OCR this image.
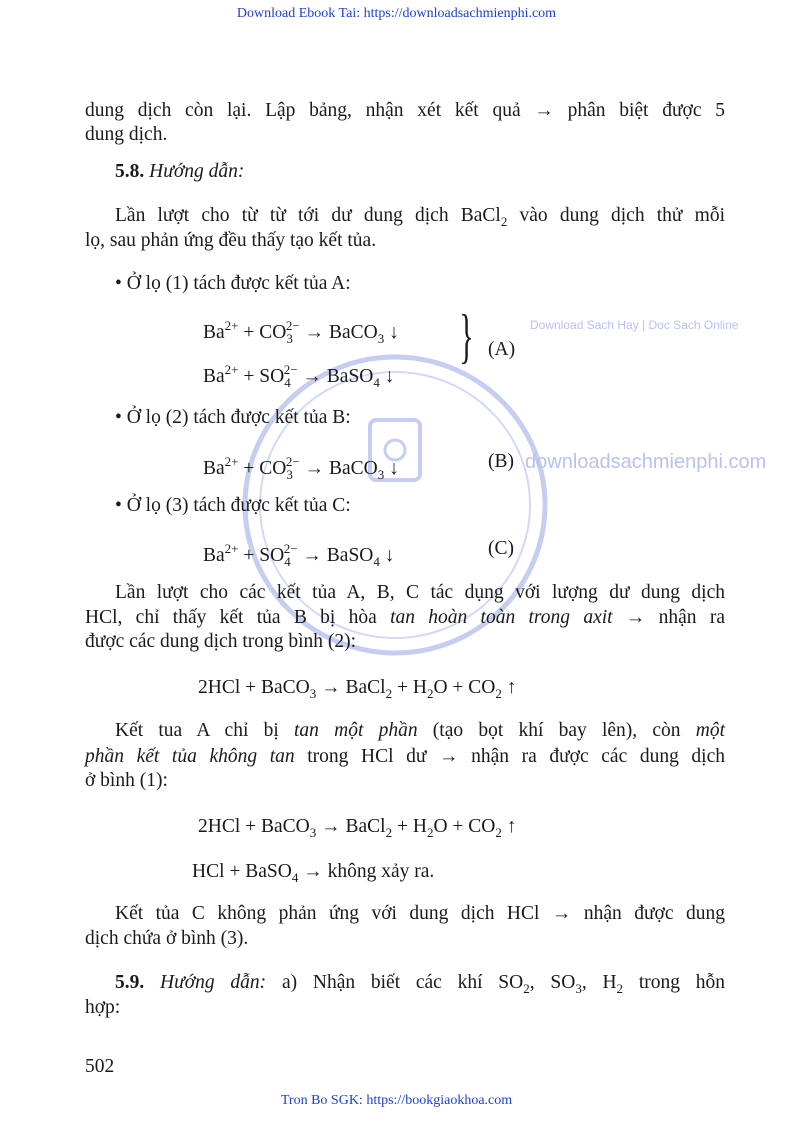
Download Ebook Tai: https://downloadsachmienphi.com
downloadsachmienphi.com
Download Sach Hay | Doc Sach Online
dung dịch còn lại. Lập bảng, nhận xét kết quả → phân biệt được 5
dung dịch.
5.8. Hướng dẫn:
Lần lượt cho từ từ tới dư dung dịch BaCl$_2$ vào dung dịch thử mỗi
lọ, sau phản ứng đều thấy tạo kết tủa.
• Ở lọ (1) tách được kết tủa A:
$Ba^{2+} + CO_3^{2-}$ → BaCO$_3$ ↓
$Ba^{2+} + SO_4^{2-}$ → BaSO$_4$ ↓
• Ở lọ (2) tách được kết tủa B:
$Ba^{2+} + CO_3^{2-}$ → BaCO$_3$ ↓
• Ở lọ (3) tách được kết tủa C:
$Ba^{2+} + SO_4^{2-}$ → BaSO$_4$ ↓
Lần lượt cho các kết tủa A, B, C tác dụng với lượng dư dung dịch
HCl, chỉ thấy kết tủa B bị hòa tan hoàn toàn trong axit → nhận ra
được các dung dịch trong bình (2):
2HCl + BaCO$_3$ → BaCl$_2$ + $H_2O + CO_2$ ↑
Kết tua A chỉ bị tan một phần (tạo bọt khí bay lên), còn một
phần kết tủa không tan trong HCl dư → nhận ra được các dung dịch
ở bình (1):
2HCl + BaCO$_3$ → BaCl$_2$ + $H_2O + CO_2$ ↑
HCl + BaSO$_4$ → không xảy ra.
Kết tủa C không phản ứng với dung dịch HCl → nhận được dung
dịch chứa ở bình (3).
5.9. Hướng dẫn: a) Nhận biết các khí $SO_2$, $SO_3$, $H_2$ trong hỗn
hợp:
} (A)
(B)
(C)
502
Tron Bo SGK: https://bookgiaokhoa.com
